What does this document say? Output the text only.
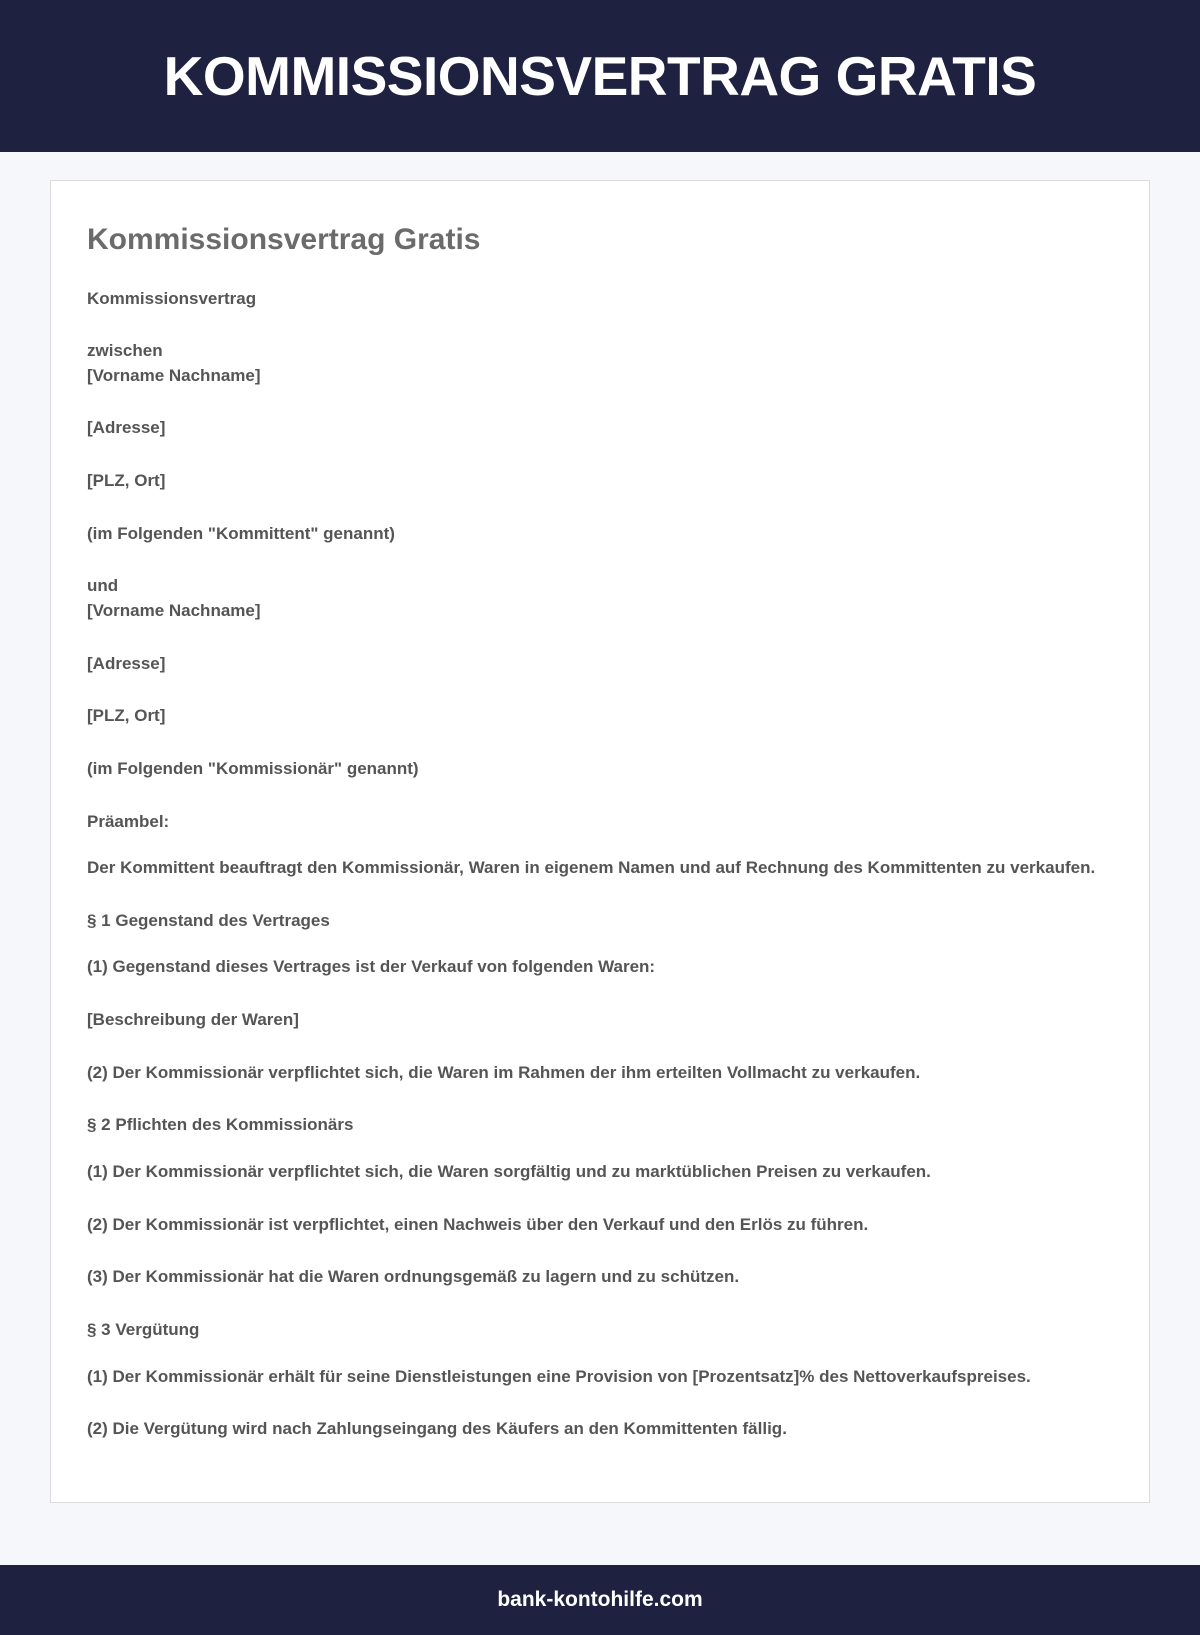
KOMMISSIONSVERTRAG GRATIS
Kommissionsvertrag Gratis

Kommissionsvertrag

zwischen
[Vorname Nachname]

[Adresse]

[PLZ, Ort]

(im Folgenden "Kommittent" genannt)

und
[Vorname Nachname]

[Adresse]

[PLZ, Ort]

(im Folgenden "Kommissionär" genannt)

Präambel:

Der Kommittent beauftragt den Kommissionär, Waren in eigenem Namen und auf Rechnung des Kommittenten zu verkaufen.

§ 1 Gegenstand des Vertrages

(1) Gegenstand dieses Vertrages ist der Verkauf von folgenden Waren:

[Beschreibung der Waren]

(2) Der Kommissionär verpflichtet sich, die Waren im Rahmen der ihm erteilten Vollmacht zu verkaufen.

§ 2 Pflichten des Kommissionärs

(1) Der Kommissionär verpflichtet sich, die Waren sorgfältig und zu marktüblichen Preisen zu verkaufen.

(2) Der Kommissionär ist verpflichtet, einen Nachweis über den Verkauf und den Erlös zu führen.

(3) Der Kommissionär hat die Waren ordnungsgemäß zu lagern und zu schützen.

§ 3 Vergütung

(1) Der Kommissionär erhält für seine Dienstleistungen eine Provision von [Prozentsatz]% des Nettoverkaufspreises.

(2) Die Vergütung wird nach Zahlungseingang des Käufers an den Kommittenten fällig.

bank-kontohilfe.com
